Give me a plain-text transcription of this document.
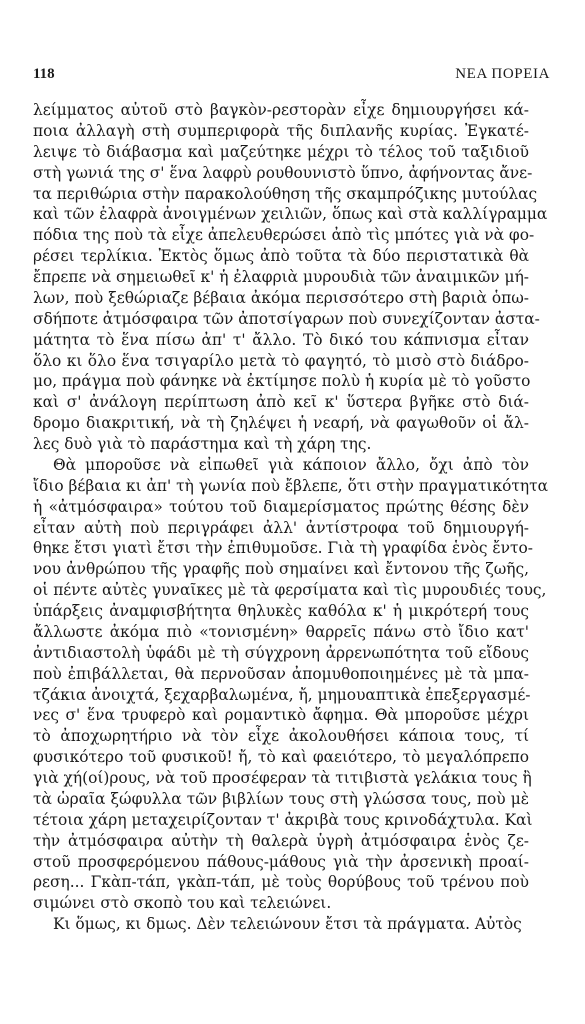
118	ΝΕΑ ΠΟΡΕΙΑ
λείμματος αὐτοῦ στὸ βαγκὸν-ρεστορὰν εἶχε δημιουργήσει κά-
ποια ἀλλαγὴ στὴ συμπεριφορὰ τῆς διπλανῆς κυρίας. Ἐγκατέ-
λειψε τὸ διάβασμα καὶ μαζεύτηκε μέχρι τὸ τέλος τοῦ ταξιδιοῦ
στὴ γωνιά της σ' ἕνα λαφρὺ ρουθουνιστὸ ὕπνο, ἀφήνοντας ἄνε-
τα περιθώρια στὴν παρακολούθηση τῆς σκαμπρόζικης μυτούλας
καὶ τῶν ἐλαφρὰ ἀνοιγμένων χειλιῶν, ὅπως καὶ στὰ καλλίγραμμα
πόδια της ποὺ τὰ εἶχε ἀπελευθερώσει ἀπὸ τὶς μπότες γιὰ νὰ φο-
ρέσει τερλίκια. Ἐκτὸς ὅμως ἀπὸ τοῦτα τὰ δύο περιστατικὰ θὰ
ἔπρεπε νὰ σημειωθεῖ κ' ἡ ἐλαφριὰ μυρουδιὰ τῶν ἀναιμικῶν μή-
λων, ποὺ ξεθώριαζε βέβαια ἀκόμα περισσότερο στὴ βαριὰ ὁπω-
σδήποτε ἀτμόσφαιρα τῶν ἀποτσίγαρων ποὺ συνεχίζονταν ἀστα-
μάτητα τὸ ἕνα πίσω ἀπ' τ' ἄλλο. Τὸ δικό του κάπνισμα εἶταν
ὅλο κι ὅλο ἕνα τσιγαρίλο μετὰ τὸ φαγητό, τὸ μισὸ στὸ διάδρο-
μο, πράγμα ποὺ φάνηκε νὰ ἐκτίμησε πολὺ ἡ κυρία μὲ τὸ γοῦστο
καὶ σ' ἀνάλογη περίπτωση ἀπὸ κεῖ κ' ὕστερα βγῆκε στὸ διά-
δρομο διακριτική, νὰ τὴ ζηλέψει ἡ νεαρή, νὰ φαγωθοῦν οἱ ἄλ-
λες δυὸ γιὰ τὸ παράστημα καὶ τὴ χάρη της.
Θὰ μποροῦσε νὰ εἰπωθεῖ γιὰ κάποιον ἄλλο, ὄχι ἀπὸ τὸν
ἴδιο βέβαια κι ἀπ' τὴ γωνία ποὺ ἔβλεπε, ὅτι στὴν πραγματικότητα
ἡ «ἀτμόσφαιρα» τούτου τοῦ διαμερίσματος πρώτης θέσης δὲν
εἶταν αὐτὴ ποὺ περιγράφει ἀλλ' ἀντίστροφα τοῦ δημιουργή-
θηκε ἔτσι γιατὶ ἔτσι τὴν ἐπιθυμοῦσε. Γιὰ τὴ γραφίδα ἑνὸς ἔντο-
νου ἀνθρώπου τῆς γραφῆς ποὺ σημαίνει καὶ ἔντονου τῆς ζωῆς,
οἱ πέντε αὐτὲς γυναῖκες μὲ τὰ φερσίματα καὶ τὶς μυρουδιές τους,
ὑπάρξεις ἀναμφισβήτητα θηλυκὲς καθόλα κ' ἡ μικρότερή τους
ἄλλωστε ἀκόμα πιὸ «τονισμένη» θαρρεῖς πάνω στὸ ἴδιο κατ'
ἀντιδιαστολὴ ὑφάδι μὲ τὴ σύγχρονη ἀρρενωπότητα τοῦ εἴδους
ποὺ ἐπιβάλλεται, θὰ περνοῦσαν ἀπομυθοποιημένες μὲ τὰ μπα-
τζάκια ἀνοιχτά, ξεχαρβαλωμένα, ἤ, μημουαπτικὰ ἐπεξεργασμέ-
νες σ' ἕνα τρυφερὸ καὶ ρομαντικὸ ἄφημα. Θὰ μποροῦσε μέχρι
τὸ ἀποχωρητήριο νὰ τὸν εἶχε ἀκολουθήσει κάποια τους, τί
φυσικότερο τοῦ φυσικοῦ! ἤ, τὸ καὶ φαειότερο, τὸ μεγαλόπρεπο
γιὰ χή(οί)ρους, νὰ τοῦ προσέφεραν τὰ τιτιβιστὰ γελάκια τους ἢ
τὰ ὡραῖα ξώφυλλα τῶν βιβλίων τους στὴ γλώσσα τους, ποὺ μὲ
τέτοια χάρη μεταχειρίζονταν τ' ἀκριβὰ τους κρινοδάχτυλα. Καὶ
τὴν ἀτμόσφαιρα αὐτὴν τὴ θαλερὰ ὑγρὴ ἀτμόσφαιρα ἑνὸς ζε-
στοῦ προσφερόμενου πάθους-μάθους γιὰ τὴν ἀρσενικὴ προαί-
ρεση... Γκὰπ-τάπ, γκὰπ-τάπ, μὲ τοὺς θορύβους τοῦ τρένου ποὺ
σιμώνει στὸ σκοπὸ του καὶ τελειώνει.
Κι ὅμως, κι δμως. Δὲν τελειώνουν ἔτσι τὰ πράγματα. Αὐτὸς
